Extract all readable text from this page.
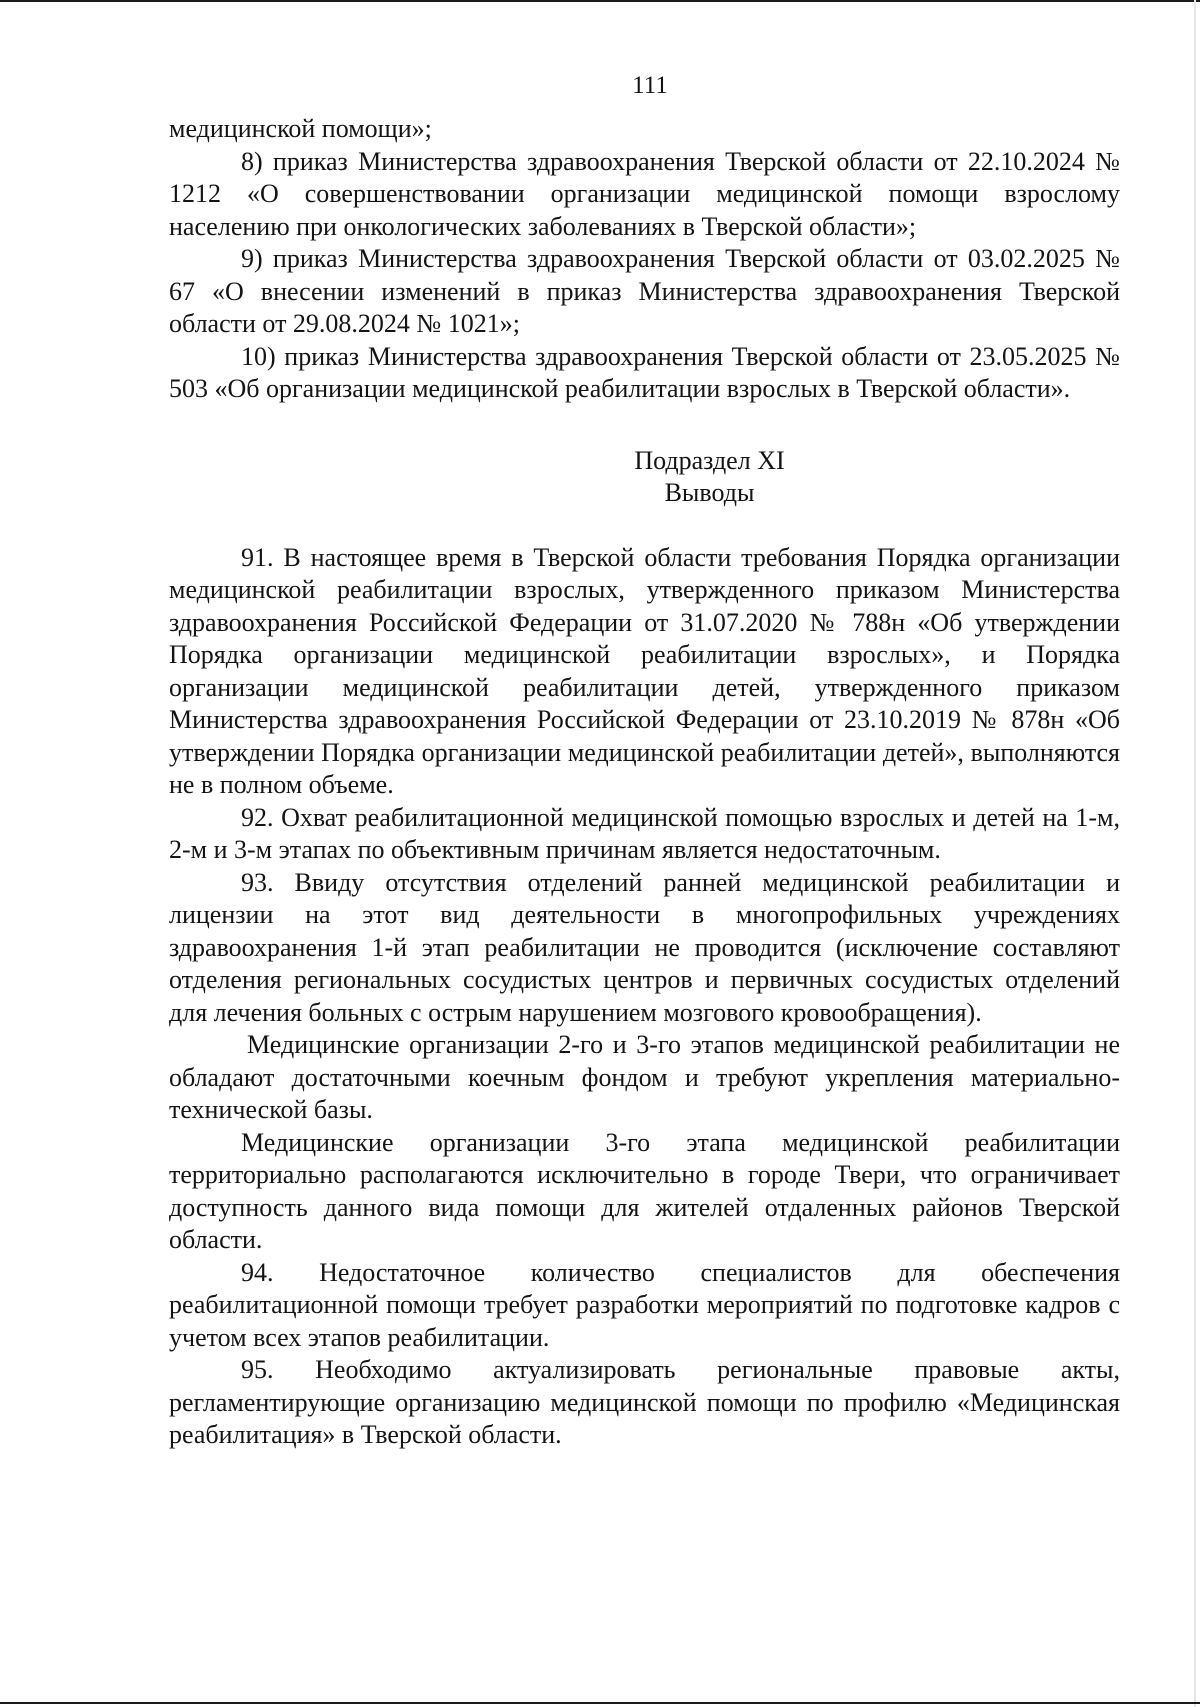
111

медицинской помощи»;

8) приказ Министерства здравоохранения Тверской области от 22.10.2024 № 1212 «О совершенствовании организации медицинской помощи взрослому населению при онкологических заболеваниях в Тверской области»;

9) приказ Министерства здравоохранения Тверской области от 03.02.2025 № 67 «О внесении изменений в приказ Министерства здравоохранения Тверской области от 29.08.2024 № 1021»;

10) приказ Министерства здравоохранения Тверской области от 23.05.2025 № 503 «Об организации медицинской реабилитации взрослых в Тверской области».

Подраздел XI

Выводы

91. В настоящее время в Тверской области требования Порядка организации медицинской реабилитации взрослых, утвержденного приказом Министерства здравоохранения Российской Федерации от 31.07.2020 № 788н «Об утверждении Порядка организации медицинской реабилитации взрослых», и Порядка организации медицинской реабилитации детей, утвержденного приказом Министерства здравоохранения Российской Федерации от 23.10.2019 № 878н «Об утверждении Порядка организации медицинской реабилитации детей», выполняются не в полном объеме.

92. Охват реабилитационной медицинской помощью взрослых и детей на 1-м, 2-м и 3-м этапах по объективным причинам является недостаточным.

93. Ввиду отсутствия отделений ранней медицинской реабилитации и лицензии на этот вид деятельности в многопрофильных учреждениях здравоохранения 1-й этап реабилитации не проводится (исключение составляют отделения региональных сосудистых центров и первичных сосудистых отделений для лечения больных с острым нарушением мозгового кровообращения).

Медицинские организации 2-го и 3-го этапов медицинской реабилитации не обладают достаточными коечным фондом и требуют укрепления материально-технической базы.

Медицинские организации 3-го этапа медицинской реабилитации территориально располагаются исключительно в городе Твери, что ограничивает доступность данного вида помощи для жителей отдаленных районов Тверской области.

94. Недостаточное количество специалистов для обеспечения реабилитационной помощи требует разработки мероприятий по подготовке кадров с учетом всех этапов реабилитации.

95. Необходимо актуализировать региональные правовые акты, регламентирующие организацию медицинской помощи по профилю «Медицинская реабилитация» в Тверской области.
